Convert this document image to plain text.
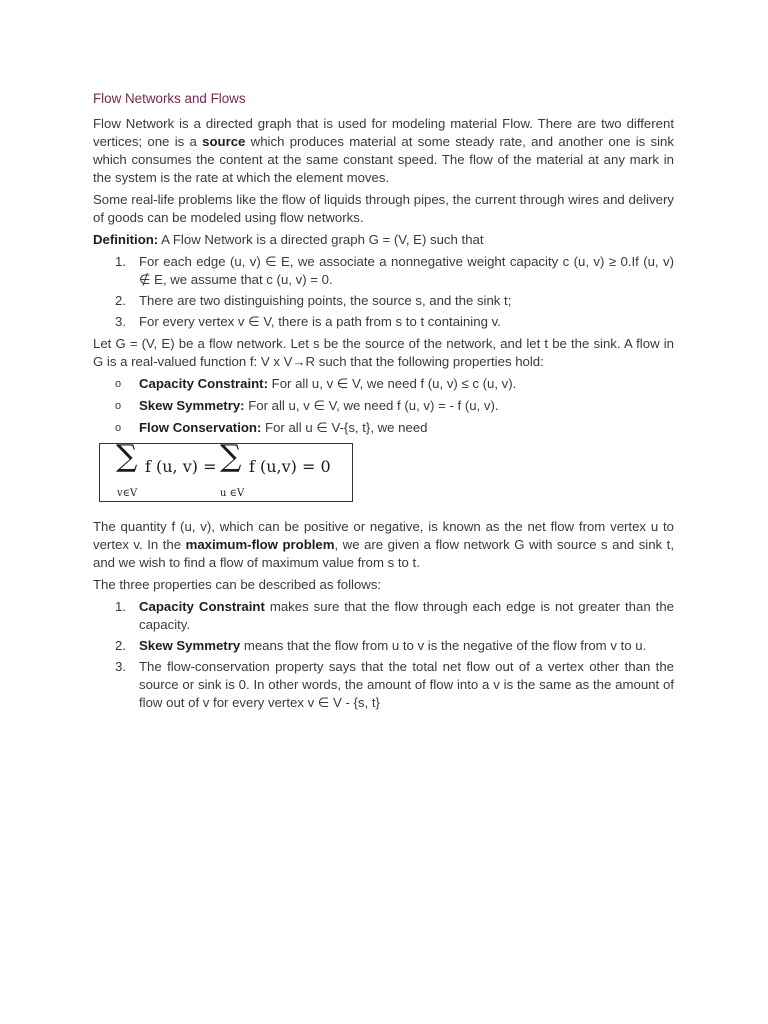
Flow Networks and Flows

Flow Network is a directed graph that is used for modeling material Flow. There are two different vertices; one is a source which produces material at some steady rate, and another one is sink which consumes the content at the same constant speed. The flow of the material at any mark in the system is the rate at which the element moves.

Some real-life problems like the flow of liquids through pipes, the current through wires and delivery of goods can be modeled using flow networks.

Definition: A Flow Network is a directed graph G = (V, E) such that

1. For each edge (u, v) ∈ E, we associate a nonnegative weight capacity c (u, v) ≥ 0.If (u, v) ∉ E, we assume that c (u, v) = 0.
2. There are two distinguishing points, the source s, and the sink t;
3. For every vertex v ∈ V, there is a path from s to t containing v.

Let G = (V, E) be a flow network. Let s be the source of the network, and let t be the sink. A flow in G is a real-valued function f: V x V→R such that the following properties hold:

o Capacity Constraint: For all u, v ∈ V, we need f (u, v) ≤ c (u, v).
o Skew Symmetry: For all u, v ∈ V, we need f (u, v) = - f (u, v).
o Flow Conservation: For all u ∈ V-{s, t}, we need
∑
v∈V
f (u, v) = ∑
u ∈V
f (u,v) = 0

The quantity f (u, v), which can be positive or negative, is known as the net flow from vertex u to vertex v. In the maximum-flow problem, we are given a flow network G with source s and sink t, and we wish to find a flow of maximum value from s to t.

The three properties can be described as follows:

1. Capacity Constraint makes sure that the flow through each edge is not greater than the capacity.
2. Skew Symmetry means that the flow from u to v is the negative of the flow from v to u.
3. The flow-conservation property says that the total net flow out of a vertex other than the source or sink is 0. In other words, the amount of flow into a v is the same as the amount of flow out of v for every vertex v ∈ V - {s, t}
